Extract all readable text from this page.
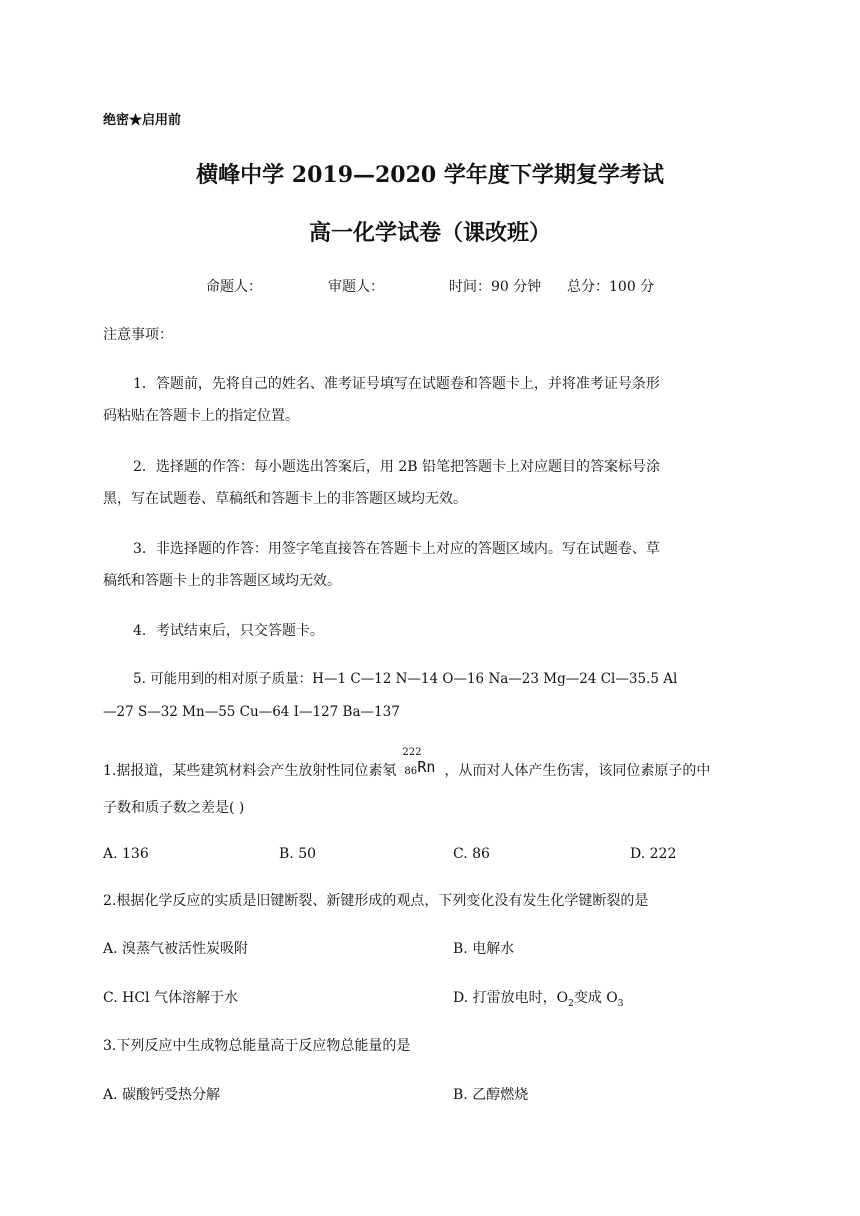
绝密★启用前
横峰中学 2019—2020 学年度下学期复学考试
高一化学试卷（课改班）
命题人：	审题人：	时间：90 分钟 总分：100 分
注意事项：
1．答题前，先将自己的姓名、准考证号填写在试题卷和答题卡上，并将准考证号条形
码粘贴在答题卡上的指定位置。
2．选择题的作答：每小题选出答案后，用 2B 铅笔把答题卡上对应题目的答案标号涂
黑，写在试题卷、草稿纸和答题卡上的非答题区域均无效。
3．非选择题的作答：用签字笔直接答在答题卡上对应的答题区域内。写在试题卷、草
稿纸和答题卡上的非答题区域均无效。
4．考试结束后，只交答题卡。
5. 可能用到的相对原子质量：H—1 C—12 N—14 O—16 Na—23 Mg—24 Cl—35.5 Al
—27 S—32 Mn—55 Cu—64 I—127 Ba—137
1.据报道，某些建筑材料会产生放射性同位素氡
222
86 Rn ，从而对人体产生伤害，该同位素原子的中
子数和质子数之差是( )
A. 136	B. 50	C. 86	D. 222
2.根据化学反应的实质是旧键断裂、新键形成的观点，下列变化没有发生化学键断裂的是
A. 溴蒸气被活性炭吸附	B. 电解水
C. HCl 气体溶解于水	D. 打雷放电时，$O_2$变成 $O_3$
3.下列反应中生成物总能量高于反应物总能量的是
A. 碳酸钙受热分解	B. 乙醇燃烧
